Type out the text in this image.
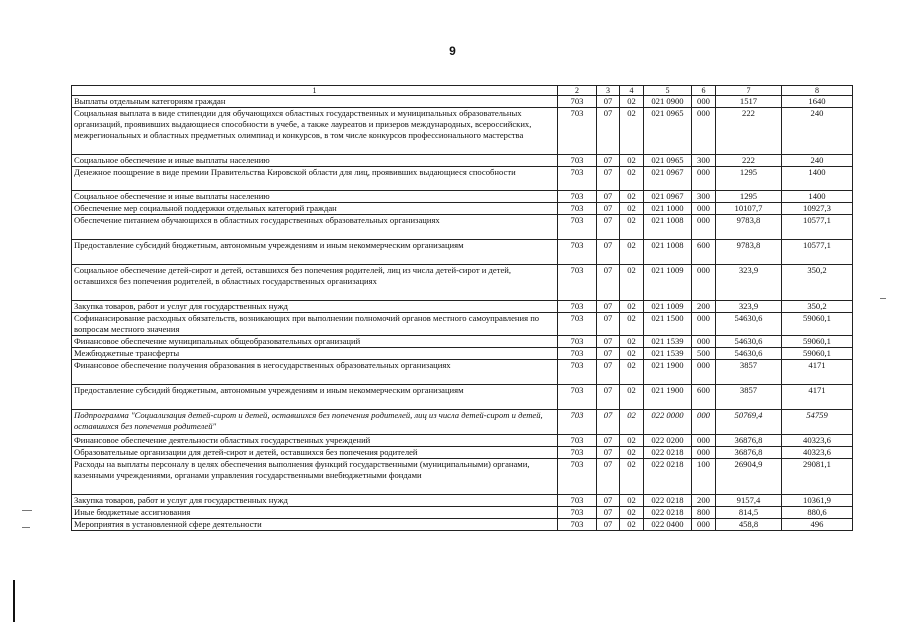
9
1	2	3	4	5	6	7	8
Выплаты отдельным категориям граждан	703	07	02	021 0900	000	1517	1640
Социальная выплата в виде стипендии для обучающихся областных государственных и муниципальных образовательных организаций, проявивших выдающиеся способности в учебе, а также лауреатов и призеров международных, всероссийских, межрегиональных и областных предметных олимпиад и конкурсов, в том числе конкурсов профессионального мастерства	703	07	02	021 0965	000	222	240
Социальное обеспечение и иные выплаты населению	703	07	02	021 0965	300	222	240
Денежное поощрение в виде премии Правительства Кировской области для лиц, проявивших выдающиеся способности	703	07	02	021 0967	000	1295	1400
Социальное обеспечение и иные выплаты населению	703	07	02	021 0967	300	1295	1400
Обеспечение мер социальной поддержки отдельных категорий граждан	703	07	02	021 1000	000	10107,7	10927,3
Обеспечение питанием обучающихся в областных государственных образовательных организациях	703	07	02	021 1008	000	9783,8	10577,1
Предоставление субсидий бюджетным, автономным учреждениям и иным некоммерческим организациям	703	07	02	021 1008	600	9783,8	10577,1
Социальное обеспечение детей-сирот и детей, оставшихся без попечения родителей, лиц из числа детей-сирот и детей, оставшихся без попечения родителей, в областных государственных организациях	703	07	02	021 1009	000	323,9	350,2
Закупка товаров, работ и услуг для государственных нужд	703	07	02	021 1009	200	323,9	350,2
Софинансирование расходных обязательств, возникающих при выполнении полномочий органов местного самоуправления по вопросам местного значения	703	07	02	021 1500	000	54630,6	59060,1
Финансовое обеспечение муниципальных общеобразовательных организаций	703	07	02	021 1539	000	54630,6	59060,1
Межбюджетные трансферты	703	07	02	021 1539	500	54630,6	59060,1
Финансовое обеспечение получения образования в негосударственных образовательных организациях	703	07	02	021 1900	000	3857	4171
Предоставление субсидий бюджетным, автономным учреждениям и иным некоммерческим организациям	703	07	02	021 1900	600	3857	4171
Подпрограмма "Социализация детей-сирот и детей, оставшихся без попечения родителей, лиц из числа детей-сирот и детей, оставшихся без попечения родителей"	703	07	02	022 0000	000	50769,4	54759
Финансовое обеспечение деятельности областных государственных учреждений	703	07	02	022 0200	000	36876,8	40323,6
Образовательные организации для детей-сирот и детей, оставшихся без попечения родителей	703	07	02	022 0218	000	36876,8	40323,6
Расходы на выплаты персоналу в целях обеспечения выполнения функций государственными (муниципальными) органами, казенными учреждениями, органами управления государственными внебюджетными фондами	703	07	02	022 0218	100	26904,9	29081,1
Закупка товаров, работ и услуг для государственных нужд	703	07	02	022 0218	200	9157,4	10361,9
Иные бюджетные ассигнования	703	07	02	022 0218	800	814,5	880,6
Мероприятия в установленной сфере деятельности	703	07	02	022 0400	000	458,8	496
